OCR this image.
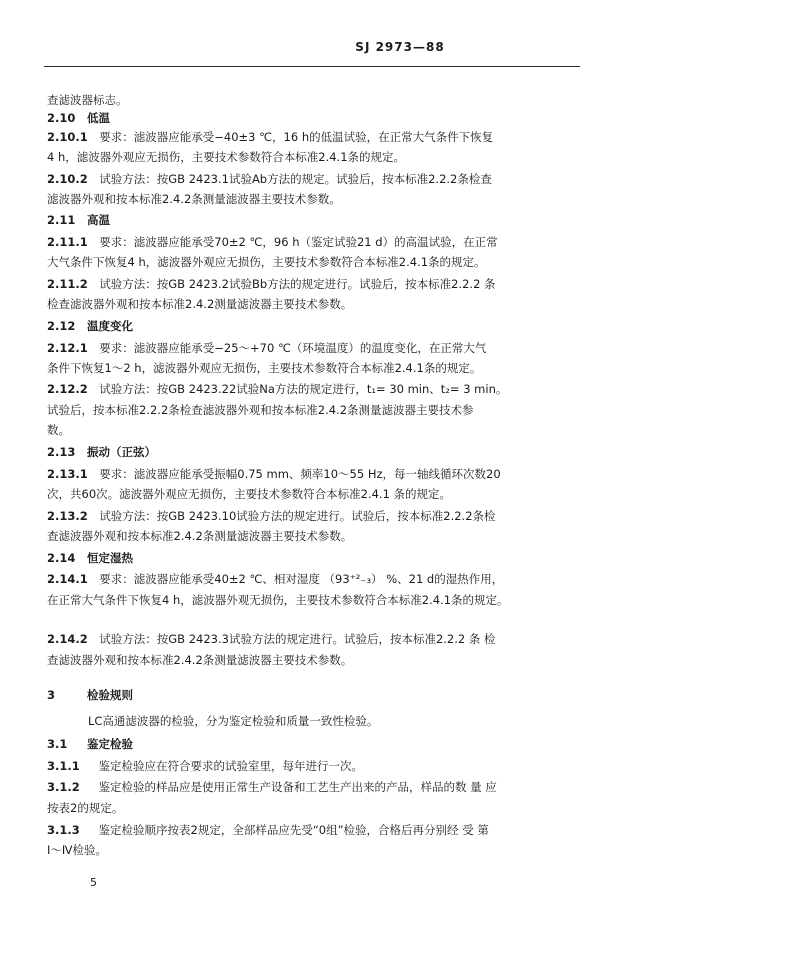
SJ 2973—88
查滤波器标志。
2.10 低温
2.10.1  要求：滤波器应能承受−40±3 ℃，16 h的低温试验，在正常大气条件下恢复
4 h，滤波器外观应无损伤，主要技术参数符合本标准2.4.1条的规定。
2.10.2  试验方法：按GB 2423.1试验Ab方法的规定。试验后，按本标准2.2.2条检查
滤波器外观和按本标准2.4.2条测量滤波器主要技术参数。
2.11 高温
2.11.1  要求：滤波器应能承受70±2 ℃，96 h（鉴定试验21 d）的高温试验，在正常
大气条件下恢复4 h，滤波器外观应无损伤，主要技术参数符合本标准2.4.1条的规定。
2.11.2  试验方法：按GB 2423.2试验Bb方法的规定进行。试验后，按本标准2.2.2 条
检查滤波器外观和按本标准2.4.2测量滤波器主要技术参数。
2.12 温度变化
2.12.1  要求：滤波器应能承受−25～+70 ℃（环境温度）的温度变化，在正常大气
条件下恢复1～2 h，滤波器外观应无损伤，主要技术参数符合本标准2.4.1条的规定。
2.12.2  试验方法：按GB 2423.22试验Na方法的规定进行，t₁= 30 min、t₂= 3 min。
试验后，按本标准2.2.2条检查滤波器外观和按本标准2.4.2条测量滤波器主要技术参
数。
2.13 振动（正弦）
2.13.1  要求：滤波器应能承受振幅0.75 mm、频率10～55 Hz，每一轴线循环次数20
次，共60次。滤波器外观应无损伤，主要技术参数符合本标准2.4.1 条的规定。
2.13.2  试验方法：按GB 2423.10试验方法的规定进行。试验后，按本标准2.2.2条检
查滤波器外观和按本标准2.4.2条测量滤波器主要技术参数。
2.14 恒定湿热
2.14.1  要求：滤波器应能承受40±2 ℃、相对湿度 （93⁺²₋₃） %、21 d的湿热作用，
在正常大气条件下恢复4 h，滤波器外观无损伤，主要技术参数符合本标准2.4.1条的规定。
2.14.2  试验方法：按GB 2423.3试验方法的规定进行。试验后，按本标准2.2.2 条 检
查滤波器外观和按本标准2.4.2条测量滤波器主要技术参数。
3	检验规则
LC高通滤波器的检验，分为鉴定检验和质量一致性检验。
3.1 鉴定检验
3.1.1  鉴定检验应在符合要求的试验室里，每年进行一次。
3.1.2  鉴定检验的样品应是使用正常生产设备和工艺生产出来的产品，样品的数 量 应
按表2的规定。
3.1.3  鉴定检验顺序按表2规定，全部样品应先受“0组”检验，合格后再分别经 受 第
Ⅰ～Ⅳ检验。
5
